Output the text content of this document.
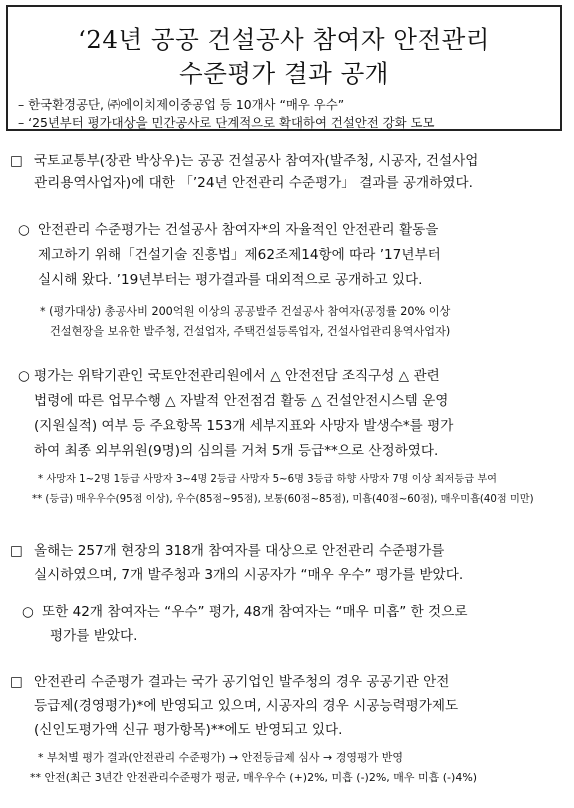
‘24년 공공 건설공사 참여자 안전관리
수준평가 결과 공개
– 한국환경공단, ㈜에이치제이중공업 등 10개사 “매우 우수”
– ‘25년부터 평가대상을 민간공사로 단계적으로 확대하여 건설안전 강화 도모
□ 국토교통부(장관 박상우)는 공공 건설공사 참여자(발주청, 시공자, 건설사업
관리용역사업자)에 대한 「’24년 안전관리 수준평가」 결과를 공개하였다.
○ 안전관리 수준평가는 건설공사 참여자*의 자율적인 안전관리 활동을
제고하기 위해「건설기술 진흥법」제62조제14항에 따라 ’17년부터
실시해 왔다. ’19년부터는 평가결과를 대외적으로 공개하고 있다.
* (평가대상) 총공사비 200억원 이상의 공공발주 건설공사 참여자(공정률 20% 이상
건설현장을 보유한 발주청, 건설업자, 주택건설등록업자, 건설사업관리용역사업자)
○ 평가는 위탁기관인 국토안전관리원에서 △ 안전전담 조직구성 △ 관련
법령에 따른 업무수행 △ 자발적 안전점검 활동 △ 건설안전시스템 운영
(지원실적) 여부 등 주요항목 153개 세부지표와 사망자 발생수*를 평가
하여 최종 외부위원(9명)의 심의를 거쳐 5개 등급**으로 산정하였다.
* 사망자 1~2명 1등급 사망자 3~4명 2등급 사망자 5~6명 3등급 하향 사망자 7명 이상 최저등급 부여
** (등급) 매우우수(95점 이상), 우수(85점~95점), 보통(60점~85점), 미흡(40점~60점), 매우미흡(40점 미만)
□ 올해는 257개 현장의 318개 참여자를 대상으로 안전관리 수준평가를
실시하였으며, 7개 발주청과 3개의 시공자가 “매우 우수” 평가를 받았다.
○ 또한 42개 참여자는 “우수” 평가, 48개 참여자는 “매우 미흡” 한 것으로
평가를 받았다.
□ 안전관리 수준평가 결과는 국가 공기업인 발주청의 경우 공공기관 안전
등급제(경영평가)*에 반영되고 있으며, 시공자의 경우 시공능력평가제도
(신인도평가액 신규 평가항목)**에도 반영되고 있다.
* 부처별 평가 결과(안전관리 수준평가) → 안전등급제 심사 → 경영평가 반영
** 안전(최근 3년간 안전관리수준평가 평균, 매우우수 (+)2%, 미흡 (-)2%, 매우 미흡 (-)4%)
